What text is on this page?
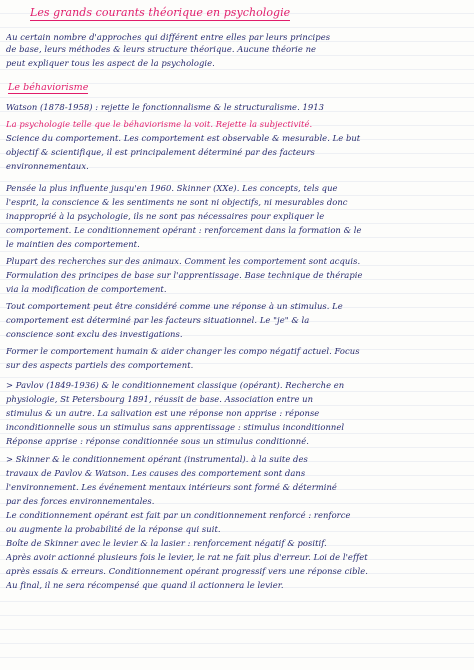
Les grands courants théorique en psychologie
Au certain nombre d'approches qui différent entre elles par leurs principes
de base, leurs méthodes & leurs structure théorique. Aucune théorie ne
peut expliquer tous les aspect de la psychologie.
Le béhaviorisme
Watson (1878-1958) : rejette le fonctionnalisme & le structuralisme. 1913
La psychologie telle que le béhaviorisme la voit. Rejette la subjectivité.
Science du comportement. Les comportement est observable & mesurable. Le but
objectif & scientifique, il est principalement déterminé par des facteurs
environnementaux.
Pensée la plus influente jusqu'en 1960. Skinner (XXe). Les concepts, tels que
l'esprit, la conscience & les sentiments ne sont ni objectifs, ni mesurables donc
inapproprié à la psychologie, ils ne sont pas nécessaires pour expliquer le
comportement. Le conditionnement opérant : renforcement dans la formation & le
le maintien des comportement.
Plupart des recherches sur des animaux. Comment les comportement sont acquis.
Formulation des principes de base sur l'apprentissage. Base technique de thérapie
via la modification de comportement.
Tout comportement peut être considéré comme une réponse à un stimulus. Le
comportement est déterminé par les facteurs situationnel. Le "je" & la
conscience sont exclu des investigations.
Former le comportement humain & aider changer les compo négatif actuel. Focus
sur des aspects partiels des comportement.
> Pavlov (1849-1936) & le conditionnement classique (opérant). Recherche en
physiologie, St Petersbourg 1891, réussit de base. Association entre un
stimulus & un autre. La salivation est une réponse non apprise : réponse
inconditionnelle sous un stimulus sans apprentissage : stimulus inconditionnel
Réponse apprise : réponse conditionnée sous un stimulus conditionné.
> Skinner & le conditionnement opérant (instrumental). à la suite des
travaux de Pavlov & Watson. Les causes des comportement sont dans
l'environnement. Les événement mentaux intérieurs sont formé & déterminé
par des forces environnementales.
Le conditionnement opérant est fait par un conditionnement renforcé : renforce
ou augmente la probabilité de la réponse qui suit.
Boîte de Skinner avec le levier & la lasier : renforcement négatif & positif.
Après avoir actionné plusieurs fois le levier, le rat ne fait plus d'erreur. Loi de l'effet
après essais & erreurs. Conditionnement opérant progressif vers une réponse cible.
Au final, il ne sera récompensé que quand il actionnera le levier.
